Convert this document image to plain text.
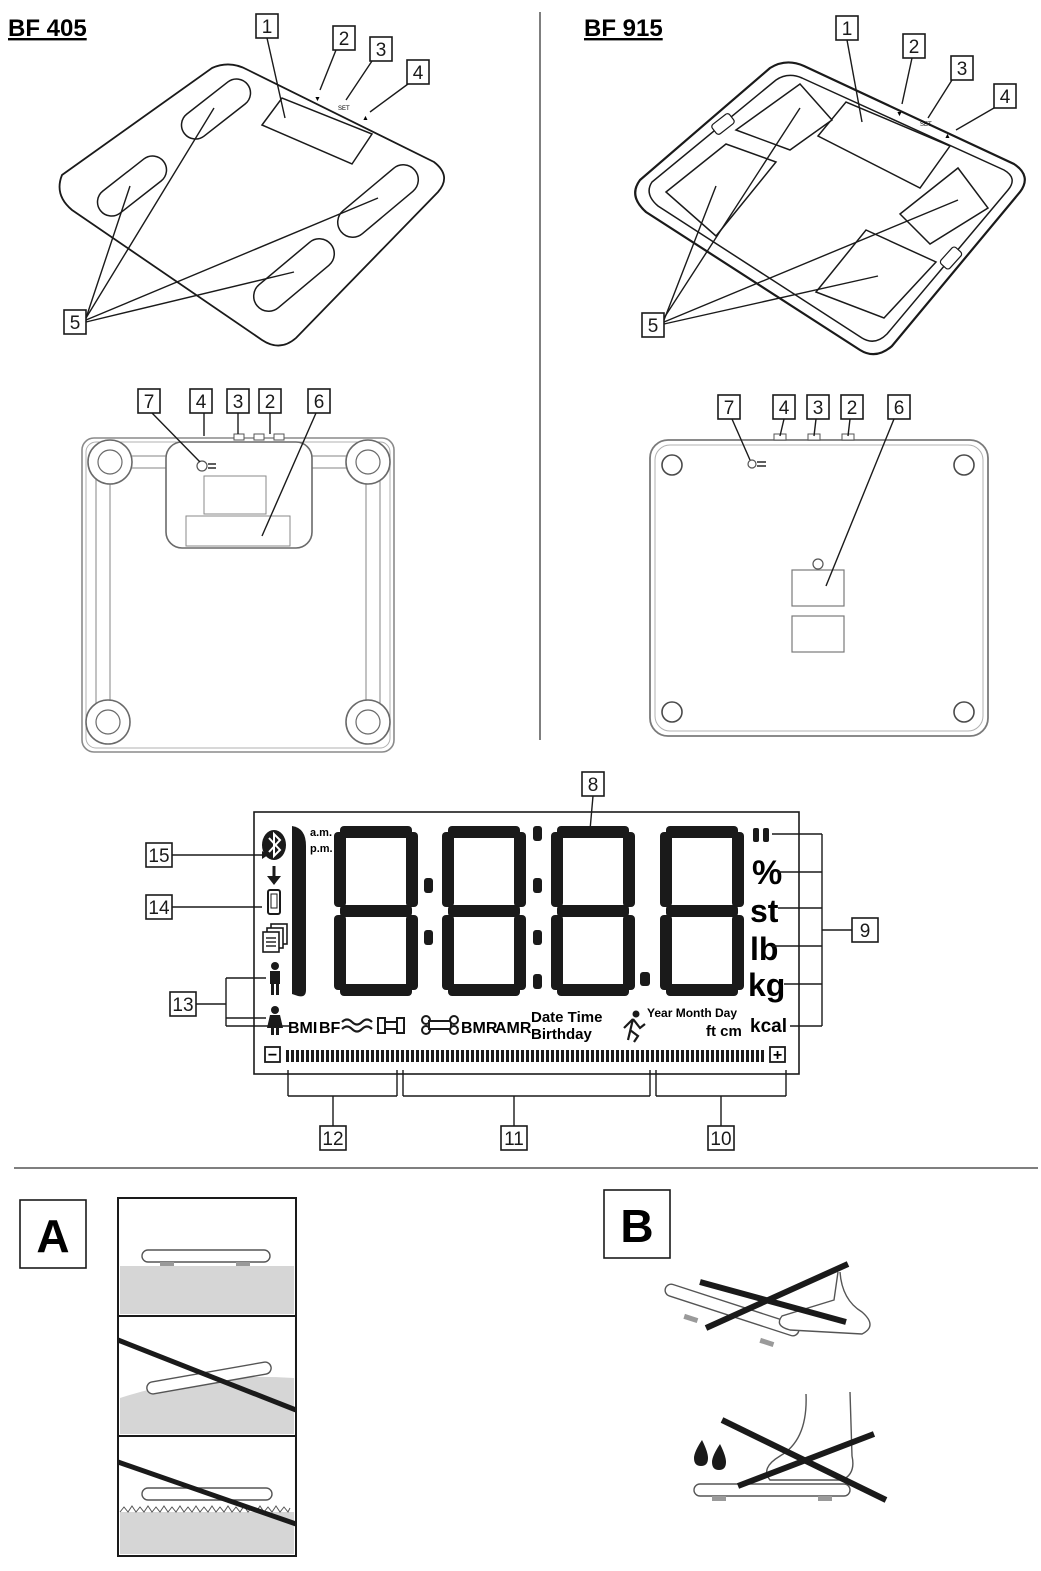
BF 405	BF 915
▼
SET
▲
1
2
3
4
5
▼
SET
▲
1
2
3
4
5
7 4 3 2 6	7 4 3 2 6
a.m.
p.m.
%
st
lb
kg
kcal
BMI BF	BMR
AMR
Date Time
Birthday
Year Month Day
ft cm
−	+
8
15
14
13
9
12	11	10
A	B
